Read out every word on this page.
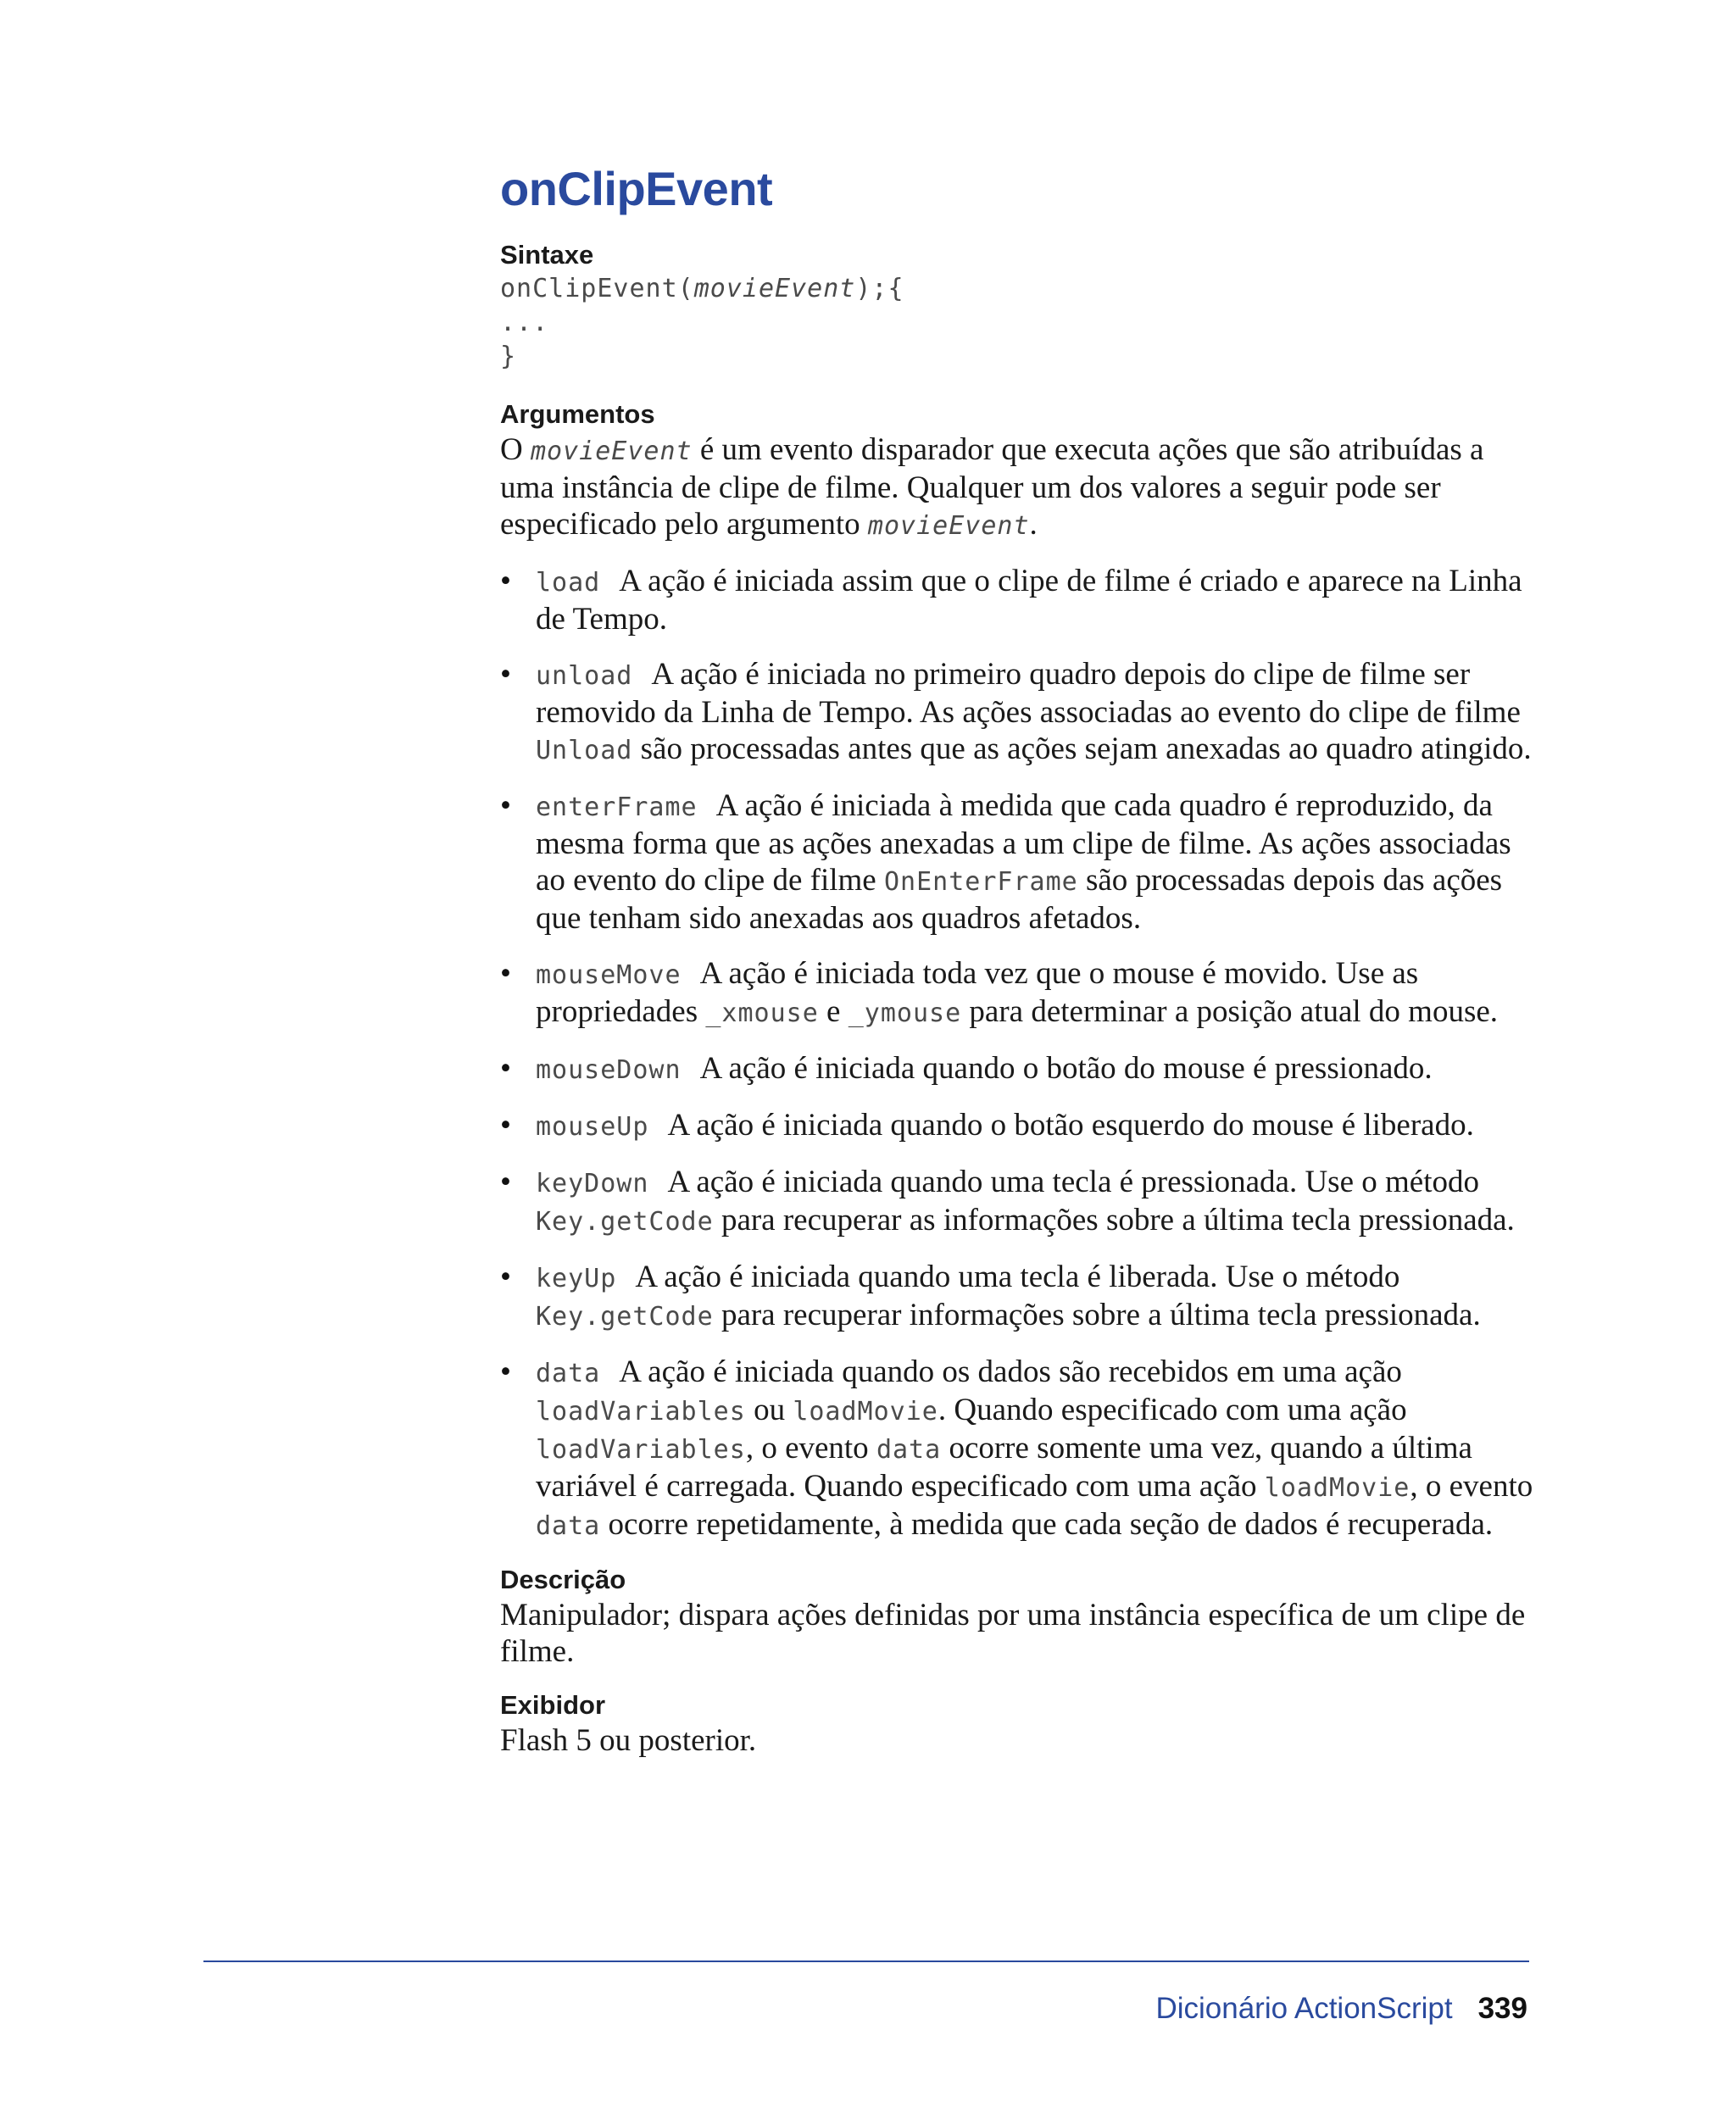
onClipEvent
Sintaxe
onClipEvent(movieEvent);{
...
}
Argumentos

O movieEvent é um evento disparador que executa ações que são atribuídas a uma instância de clipe de filme. Qualquer um dos valores a seguir pode ser especificado pelo argumento movieEvent.

• load A ação é iniciada assim que o clipe de filme é criado e aparece na Linha de Tempo.
• unload A ação é iniciada no primeiro quadro depois do clipe de filme ser removido da Linha de Tempo. As ações associadas ao evento do clipe de filme Unload são processadas antes que as ações sejam anexadas ao quadro atingido.
• enterFrame A ação é iniciada à medida que cada quadro é reproduzido, da mesma forma que as ações anexadas a um clipe de filme. As ações associadas ao evento do clipe de filme OnEnterFrame são processadas depois das ações que tenham sido anexadas aos quadros afetados.
• mouseMove A ação é iniciada toda vez que o mouse é movido. Use as propriedades _xmouse e _ymouse para determinar a posição atual do mouse.
• mouseDown A ação é iniciada quando o botão do mouse é pressionado.
• mouseUp A ação é iniciada quando o botão esquerdo do mouse é liberado.
• keyDown A ação é iniciada quando uma tecla é pressionada. Use o método Key.getCode para recuperar as informações sobre a última tecla pressionada.
• keyUp A ação é iniciada quando uma tecla é liberada. Use o método Key.getCode para recuperar informações sobre a última tecla pressionada.
• data A ação é iniciada quando os dados são recebidos em uma ação loadVariables ou loadMovie. Quando especificado com uma ação loadVariables, o evento data ocorre somente uma vez, quando a última variável é carregada. Quando especificado com uma ação loadMovie, o evento data ocorre repetidamente, à medida que cada seção de dados é recuperada.
Descrição

Manipulador; dispara ações definidas por uma instância específica de um clipe de filme.

Exibidor

Flash 5 ou posterior.

Dicionário ActionScript 339
